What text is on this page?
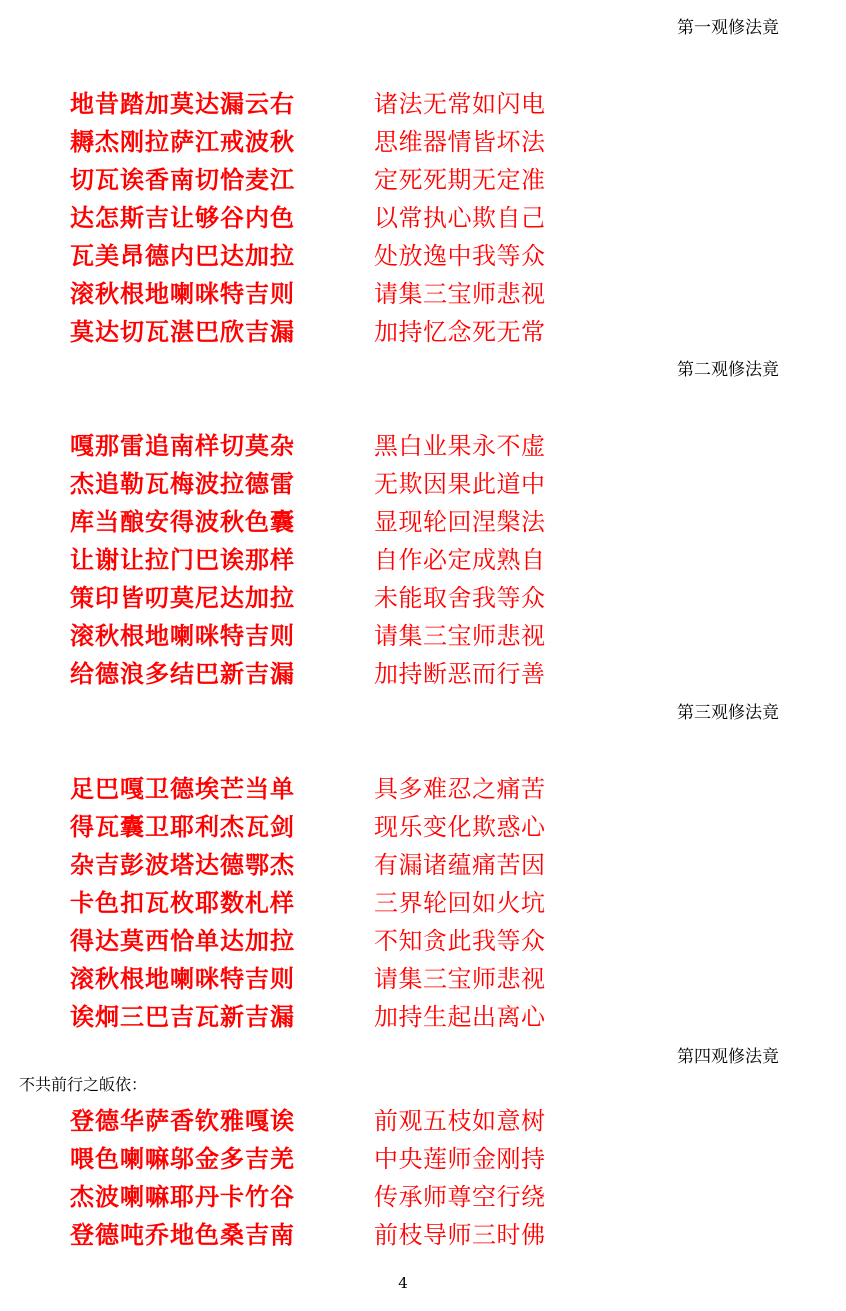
第一观修法竟
地昔踏加莫达漏云右	诸法无常如闪电
耨杰刚拉萨江戒波秋	思维器情皆坏法
切瓦诶香南切恰麦江	定死死期无定准
达怎斯吉让够谷内色	以常执心欺自己
瓦美昂德内巴达加拉	处放逸中我等众
滚秋根地喇咪特吉则	请集三宝师悲视
莫达切瓦湛巴欣吉漏	加持忆念死无常
第二观修法竟
嘎那雷追南样切莫杂	黑白业果永不虚
杰追勒瓦梅波拉德雷	无欺因果此道中
库当酿安得波秋色囊	显现轮回涅槃法
让谢让拉门巴诶那样	自作必定成熟自
策印皆叨莫尼达加拉	未能取舍我等众
滚秋根地喇咪特吉则	请集三宝师悲视
给德浪多结巴新吉漏	加持断恶而行善
第三观修法竟
足巴嘎卫德埃芒当单	具多难忍之痛苦
得瓦囊卫耶利杰瓦剑	现乐变化欺惑心
杂吉彭波塔达德鄂杰	有漏诸蕴痛苦因
卡色扣瓦枚耶数札样	三界轮回如火坑
得达莫西恰单达加拉	不知贪此我等众
滚秋根地喇咪特吉则	请集三宝师悲视
诶炯三巴吉瓦新吉漏	加持生起出离心
第四观修法竟
不共前行之皈依：
登德华萨香钦雅嘎诶	前观五枝如意树
喂色喇嘛邬金多吉羌	中央莲师金刚持
杰波喇嘛耶丹卡竹谷	传承师尊空行绕
登德吨乔地色桑吉南	前枝导师三时佛
4
